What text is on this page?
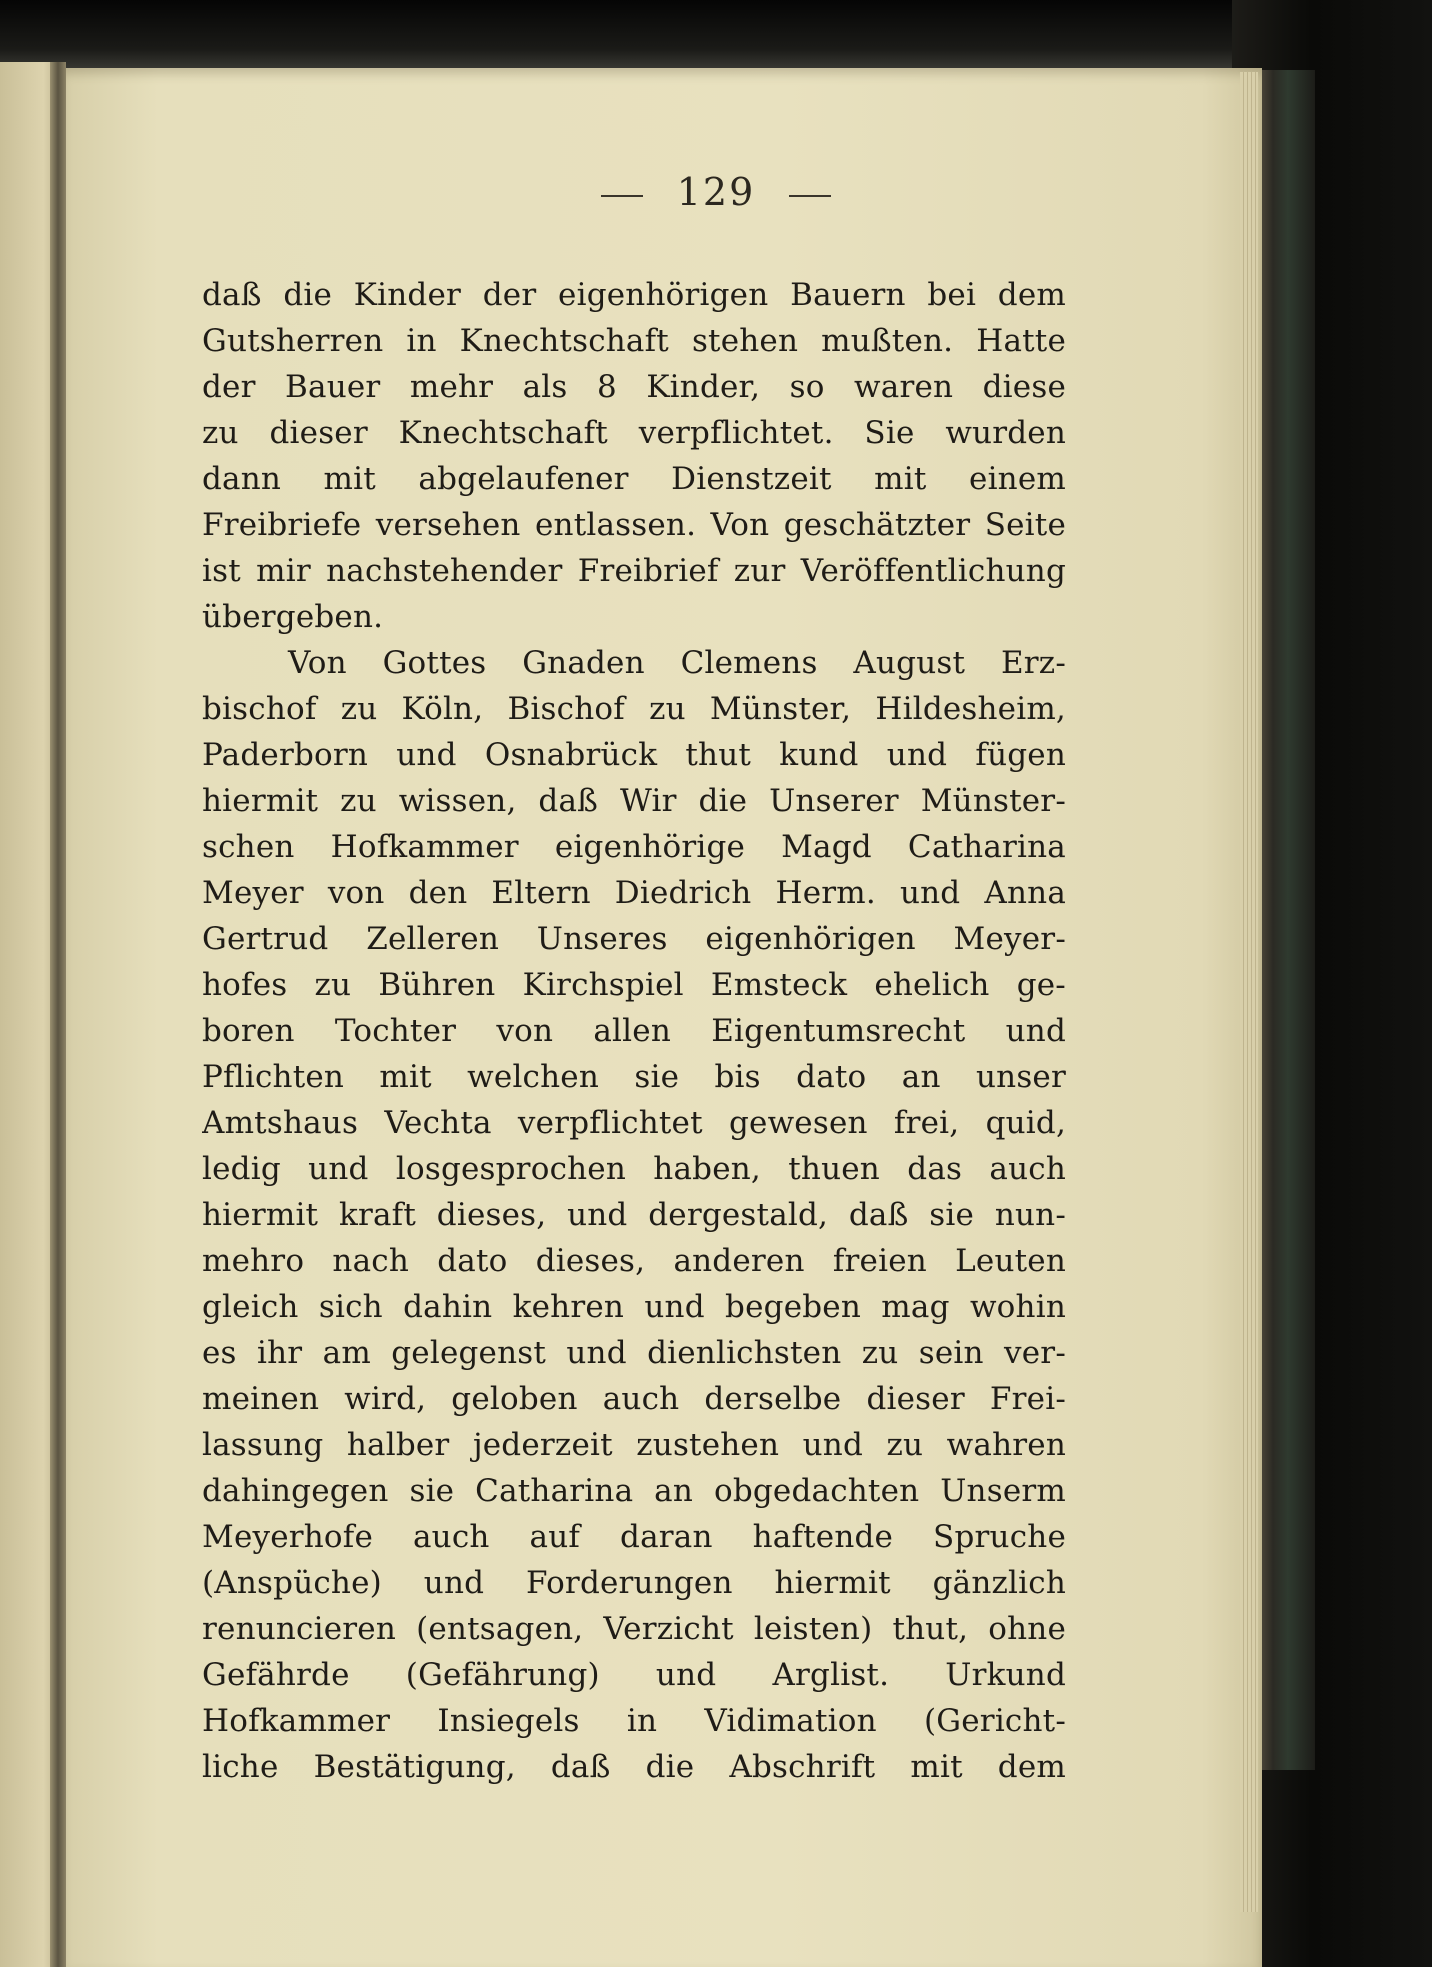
129
daß die Kinder der eigenhörigen Bauern bei dem
Gutsherren in Knechtschaft stehen mußten. Hatte
der Bauer mehr als 8 Kinder, so waren diese
zu dieser Knechtschaft verpflichtet. Sie wurden
dann mit abgelaufener Dienstzeit mit einem
Freibriefe versehen entlassen. Von geschätzter Seite
ist mir nachstehender Freibrief zur Veröffentlichung
übergeben.
Von Gottes Gnaden Clemens August Erz-
bischof zu Köln, Bischof zu Münster, Hildesheim,
Paderborn und Osnabrück thut kund und fügen
hiermit zu wissen, daß Wir die Unserer Münster-
schen Hofkammer eigenhörige Magd Catharina
Meyer von den Eltern Diedrich Herm. und Anna
Gertrud Zelleren Unseres eigenhörigen Meyer-
hofes zu Bühren Kirchspiel Emsteck ehelich ge-
boren Tochter von allen Eigentumsrecht und
Pflichten mit welchen sie bis dato an unser
Amtshaus Vechta verpflichtet gewesen frei, quid,
ledig und losgesprochen haben, thuen das auch
hiermit kraft dieses, und dergestald, daß sie nun-
mehro nach dato dieses, anderen freien Leuten
gleich sich dahin kehren und begeben mag wohin
es ihr am gelegenst und dienlichsten zu sein ver-
meinen wird, geloben auch derselbe dieser Frei-
lassung halber jederzeit zustehen und zu wahren
dahingegen sie Catharina an obgedachten Unserm
Meyerhofe auch auf daran haftende Spruche
(Anspüche) und Forderungen hiermit gänzlich
renuncieren (entsagen, Verzicht leisten) thut, ohne
Gefährde (Gefährung) und Arglist. Urkund
Hofkammer Insiegels in Vidimation (Gericht-
liche Bestätigung, daß die Abschrift mit dem
